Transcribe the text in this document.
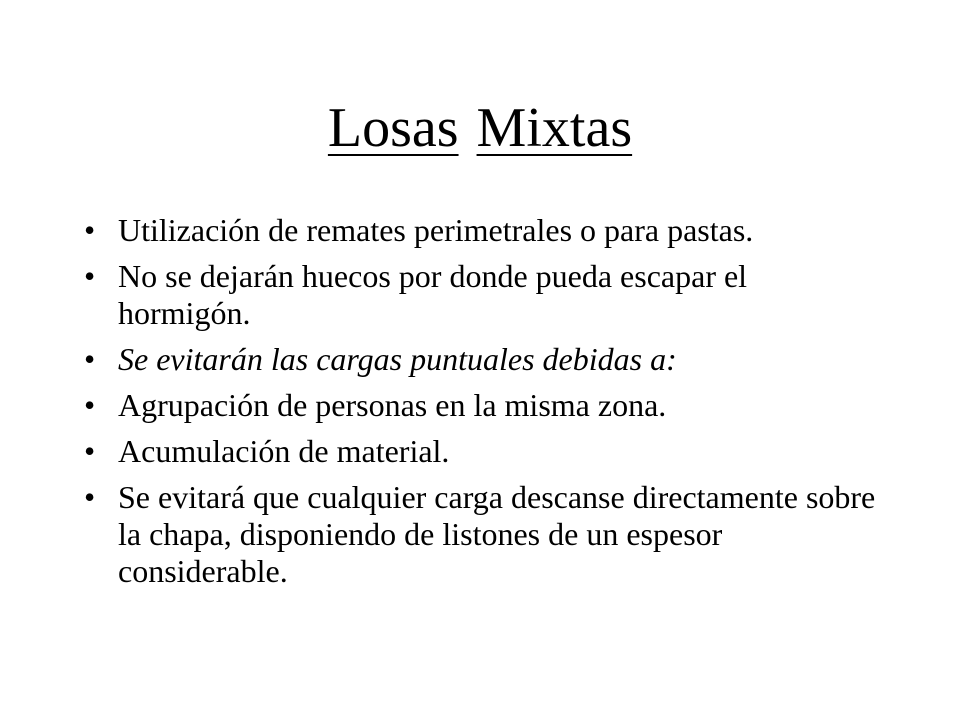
Losas Mixtas
• Utilización de remates perimetrales o para pastas.
• No se dejarán huecos por donde pueda escapar el hormigón.
• Se evitarán las cargas puntuales debidas a:
• Agrupación de personas en la misma zona.
• Acumulación de material.
• Se evitará que cualquier carga descanse directamente sobre la chapa, disponiendo de listones de un espesor considerable.
